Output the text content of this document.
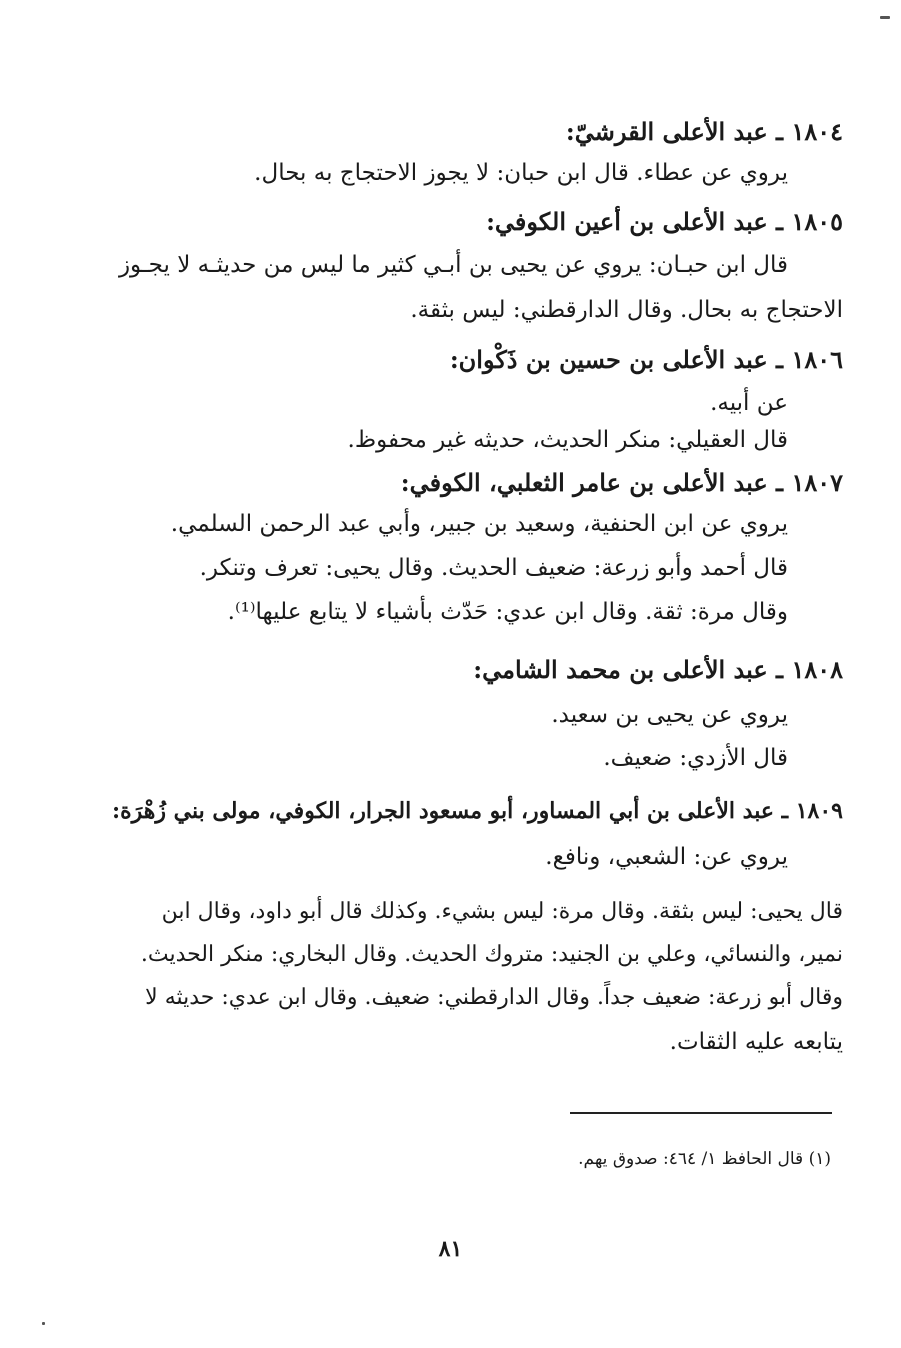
١٨٠٤ ـ عبد الأعلى القرشيّ:
يروي عن عطاء. قال ابن حبان: لا يجوز الاحتجاج به بحال.
١٨٠٥ ـ عبد الأعلى بن أعين الكوفي:
قال ابن حبـان: يروي عن يحيى بن أبـي كثير ما ليس من حديثـه لا يجـوز
الاحتجاج به بحال. وقال الدارقطني: ليس بثقة.
١٨٠٦ ـ عبد الأعلى بن حسين بن ذَكْوان:
عن أبيه.
قال العقيلي: منكر الحديث، حديثه غير محفوظ.
١٨٠٧ ـ عبد الأعلى بن عامر الثعلبي، الكوفي:
يروي عن ابن الحنفية، وسعيد بن جبير، وأبي عبد الرحمن السلمي.
قال أحمد وأبو زرعة: ضعيف الحديث. وقال يحيى: تعرف وتنكر.
وقال مرة: ثقة. وقال ابن عدي: حَدّث بأشياء لا يتابع عليها⁽¹⁾.
١٨٠٨ ـ عبد الأعلى بن محمد الشامي:
يروي عن يحيى بن سعيد.
قال الأزدي: ضعيف.
١٨٠٩ ـ عبد الأعلى بن أبي المساور، أبو مسعود الجرار، الكوفي، مولى بني زُهْرَة:
يروي عن: الشعبي، ونافع.
قال يحيى: ليس بثقة. وقال مرة: ليس بشيء. وكذلك قال أبو داود، وقال ابن
نمير، والنسائي، وعلي بن الجنيد: متروك الحديث. وقال البخاري: منكر الحديث.
وقال أبو زرعة: ضعيف جداً. وقال الدارقطني: ضعيف. وقال ابن عدي: حديثه لا
يتابعه عليه الثقات.
(١) قال الحافظ ١/ ٤٦٤: صدوق يهم.
٨١
